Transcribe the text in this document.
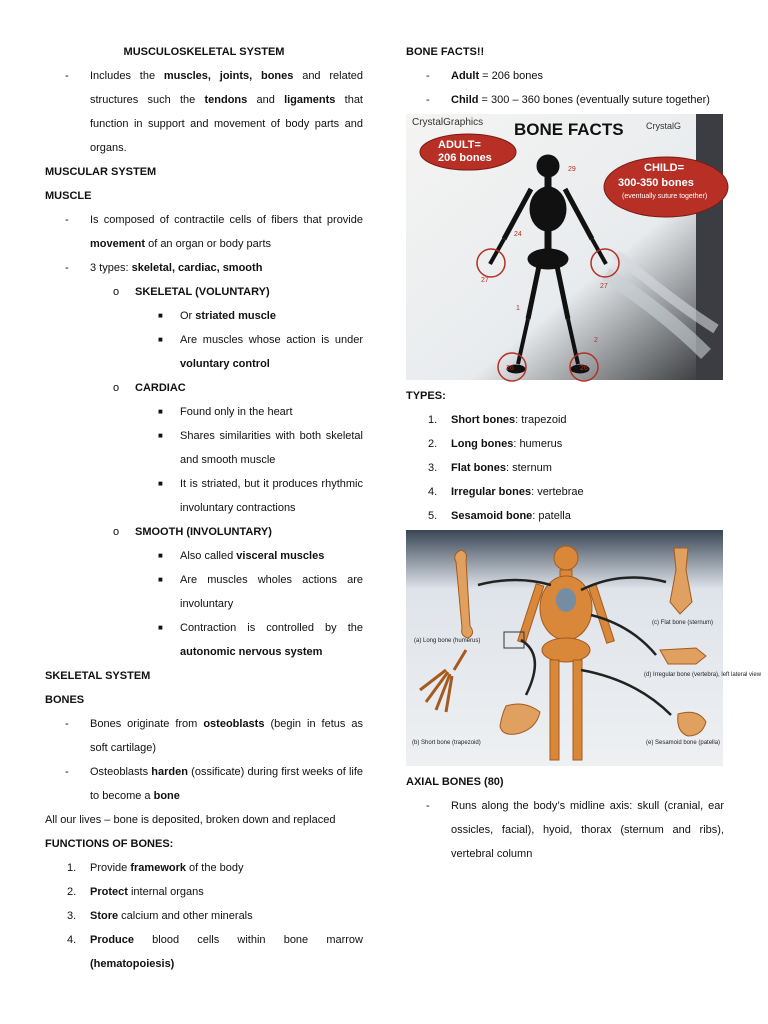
MUSCULOSKELETAL SYSTEM
- Includes the muscles, joints, bones and related structures such the tendons and ligaments that function in support and movement of body parts and organs.
MUSCULAR SYSTEM
MUSCLE
- Is composed of contractile cells of fibers that provide movement of an organ or body parts
- 3 types: skeletal, cardiac, smooth
o SKELETAL (VOLUNTARY)
■ Or striated muscle
■ Are muscles whose action is under voluntary control
o CARDIAC
■ Found only in the heart
■ Shares similarities with both skeletal and smooth muscle
■ It is striated, but it produces rhythmic involuntary contractions
o SMOOTH (INVOLUNTARY)
■ Also called visceral muscles
■ Are muscles wholes actions are involuntary
■ Contraction is controlled by the autonomic nervous system
SKELETAL SYSTEM
BONES
- Bones originate from osteoblasts (begin in fetus as soft cartilage)
- Osteoblasts harden (ossificate) during first weeks of life to become a bone
All our lives – bone is deposited, broken down and replaced
FUNCTIONS OF BONES:
1. Provide framework of the body
2. Protect internal organs
3. Store calcium and other minerals
4. Produce blood cells within bone marrow (hematopoiesis)
BONE FACTS!!
- Adult = 206 bones
- Child = 300 – 360 bones (eventually suture together)
CrystalGraphics	CrystalG
BONE FACTS
ADULT=
206 bones
CHILD=
300-350 bones
(eventually suture together)
29
24
1
2
26
27
26
27
TYPES:
1. Short bones: trapezoid
2. Long bones: humerus
3. Flat bones: sternum
4. Irregular bones: vertebrae
5. Sesamoid bone: patella
(a) Long bone (humerus)
(c) Flat bone (sternum)
(d) Irregular bone (vertebra), left lateral view
(b) Short bone (trapezoid)	(e) Sesamoid bone (patella)
AXIAL BONES (80)
- Runs along the body’s midline axis: skull (cranial, ear ossicles, facial), hyoid, thorax (sternum and ribs), vertebral column
